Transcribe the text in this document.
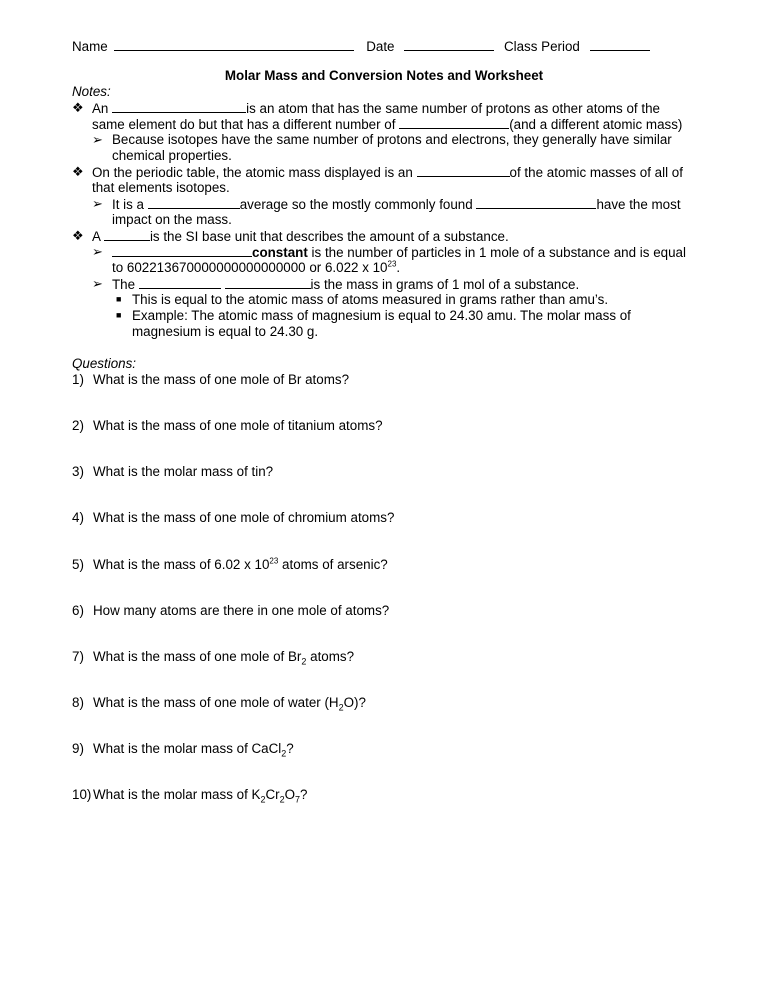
Name	Date	Class Period
Molar Mass and Conversion Notes and Worksheet
Notes:
❖ An	is an atom that has the same number of protons as other atoms of the
same element do but that has a different number of	(and a different atomic mass)
➢ Because isotopes have the same number of protons and electrons, they generally have similar
chemical properties.
❖ On the periodic table, the atomic mass displayed is an	of the atomic masses of all of
that elements isotopes.
➢ It is a	average so the mostly commonly found	have the most
impact on the mass.
❖ A	is the SI base unit that describes the amount of a substance.
➢	constant is the number of particles in 1 mole of a substance and is equal
to 602213670000000000000000 or 6.022 x $10^{23}$.
➢ The	is the mass in grams of 1 mol of a substance.
■ This is equal to the atomic mass of atoms measured in grams rather than amu’s.
■ Example: The atomic mass of magnesium is equal to 24.30 amu. The molar mass of
magnesium is equal to 24.30 g.
Questions:
1) What is the mass of one mole of Br atoms?
2) What is the mass of one mole of titanium atoms?
3) What is the molar mass of tin?
4) What is the mass of one mole of chromium atoms?
5) What is the mass of 6.02 x $10^{23}$ atoms of arsenic?
6) How many atoms are there in one mole of atoms?
7) What is the mass of one mole of $Br_2$ atoms?
8) What is the mass of one mole of water $(H_2O)$?
9) What is the molar mass of CaCl$_2$?
10) What is the molar mass of $K_2Cr_2O_7$?
